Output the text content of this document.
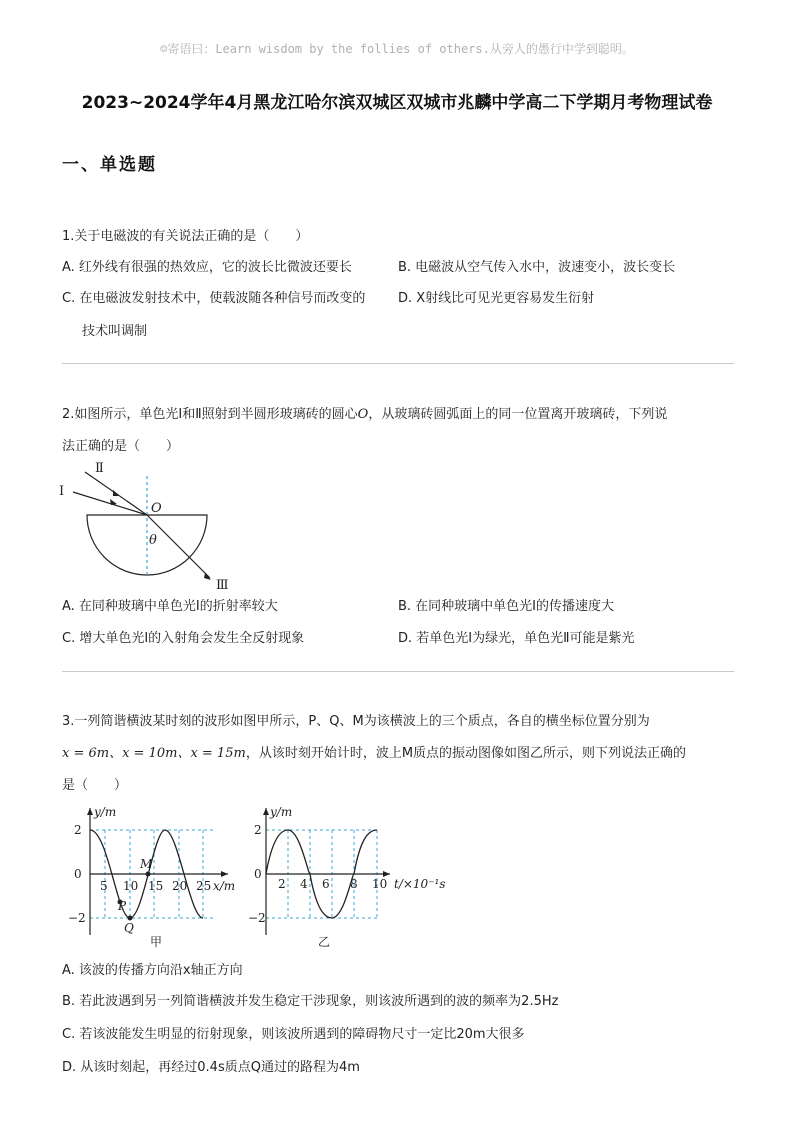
☺寄语曰：Learn wisdom by the follies of others.从旁人的愚行中学到聪明。
2023~2024学年4月黑龙江哈尔滨双城区双城市兆麟中学高二下学期月考物理试卷
一、单选题
1.关于电磁波的有关说法正确的是（　　）
A. 红外线有很强的热效应，它的波长比微波还要长	B. 电磁波从空气传入水中，波速变小，波长变长
C. 在电磁波发射技术中，使载波随各种信号而改变的
技术叫调制
D. X射线比可见光更容易发生衍射
2.如图所示，单色光Ⅰ和Ⅱ照射到半圆形玻璃砖的圆心O，从玻璃砖圆弧面上的同一位置离开玻璃砖，下列说
法正确的是（　　）
Ⅰ
Ⅱ
Ⅲ
O
θ
A. 在同种玻璃中单色光Ⅰ的折射率较大	B. 在同种玻璃中单色光Ⅰ的传播速度大
C. 增大单色光Ⅰ的入射角会发生全反射现象	D. 若单色光Ⅰ为绿光，单色光Ⅱ可能是紫光
3.一列简谐横波某时刻的波形如图甲所示，P、Q、M为该横波上的三个质点，各自的横坐标位置分别为
x = 6m、x = 10m、x = 15m，从该时刻开始计时，波上M质点的振动图像如图乙所示，则下列说法正确的
是（　　）
y/m
2
0
−2
5 10 15 20 25 x/m
P
Q
M
甲
y/m
2
0
−2
2 4 6 8 10 t/×10⁻¹s
乙
A. 该波的传播方向沿x轴正方向
B. 若此波遇到另一列简谐横波并发生稳定干涉现象，则该波所遇到的波的频率为2.5Hz
C. 若该波能发生明显的衍射现象，则该波所遇到的障碍物尺寸一定比20m大很多
D. 从该时刻起，再经过0.4s质点Q通过的路程为4m
